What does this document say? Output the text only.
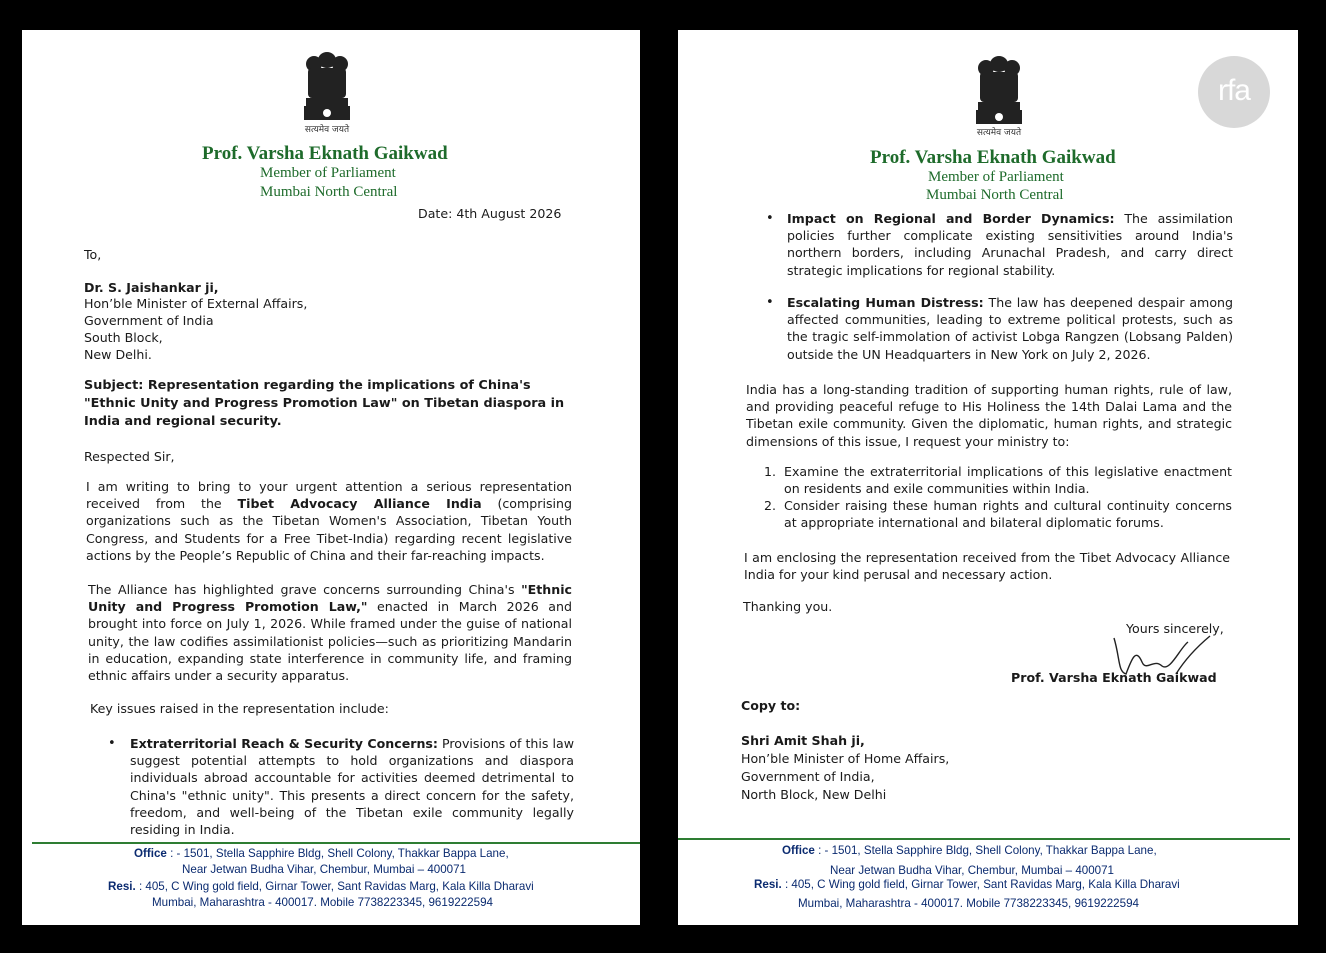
सत्यमेव जयते
Prof. Varsha Eknath Gaikwad
Member of Parliament
Mumbai North Central
Date: 4th August 2026
To,
Dr. S. Jaishankar ji,
Hon’ble Minister of External Affairs,
Government of India
South Block,
New Delhi.
Subject: Representation regarding the implications of China's
"Ethnic Unity and Progress Promotion Law" on Tibetan diaspora in
India and regional security.
Respected Sir,
I am writing to bring to your urgent attention a serious representation received from the Tibet Advocacy Alliance India (comprising organizations such as the Tibetan Women's Association, Tibetan Youth Congress, and Students for a Free Tibet-India) regarding recent legislative actions by the People’s Republic of China and their far-reaching impacts.
The Alliance has highlighted grave concerns surrounding China's "Ethnic Unity and Progress Promotion Law," enacted in March 2026 and brought into force on July 1, 2026. While framed under the guise of national unity, the law codifies assimilationist policies—such as prioritizing Mandarin in education, expanding state interference in community life, and framing ethnic affairs under a security apparatus.
Key issues raised in the representation include:
• Extraterritorial Reach & Security Concerns: Provisions of this law suggest potential attempts to hold organizations and diaspora individuals abroad accountable for activities deemed detrimental to China's "ethnic unity". This presents a direct concern for the safety, freedom, and well-being of the Tibetan exile community legally residing in India.
Office : - 1501, Stella Sapphire Bldg, Shell Colony, Thakkar Bappa Lane,
Near Jetwan Budha Vihar, Chembur, Mumbai – 400071
Resi. : 405, C Wing gold field, Girnar Tower, Sant Ravidas Marg, Kala Killa Dharavi
Mumbai, Maharashtra - 400017. Mobile 7738223345, 9619222594
rfa
सत्यमेव जयते
Prof. Varsha Eknath Gaikwad
Member of Parliament
Mumbai North Central
• Impact on Regional and Border Dynamics: The assimilation policies further complicate existing sensitivities around India's northern borders, including Arunachal Pradesh, and carry direct strategic implications for regional stability.
• Escalating Human Distress: The law has deepened despair among affected communities, leading to extreme political protests, such as the tragic self-immolation of activist Lobga Rangzen (Lobsang Palden) outside the UN Headquarters in New York on July 2, 2026.
India has a long-standing tradition of supporting human rights, rule of law, and providing peaceful refuge to His Holiness the 14th Dalai Lama and the Tibetan exile community. Given the diplomatic, human rights, and strategic dimensions of this issue, I request your ministry to:
1. Examine the extraterritorial implications of this legislative enactment on residents and exile communities within India.
2. Consider raising these human rights and cultural continuity concerns at appropriate international and bilateral diplomatic forums.
I am enclosing the representation received from the Tibet Advocacy Alliance India for your kind perusal and necessary action.
Thanking you.
Yours sincerely,
Prof. Varsha Eknath Gaikwad
Copy to:
Shri Amit Shah ji,
Hon’ble Minister of Home Affairs,
Government of India,
North Block, New Delhi
Office : - 1501, Stella Sapphire Bldg, Shell Colony, Thakkar Bappa Lane,
Near Jetwan Budha Vihar, Chembur, Mumbai – 400071
Resi. : 405, C Wing gold field, Girnar Tower, Sant Ravidas Marg, Kala Killa Dharavi
Mumbai, Maharashtra - 400017. Mobile 7738223345, 9619222594
